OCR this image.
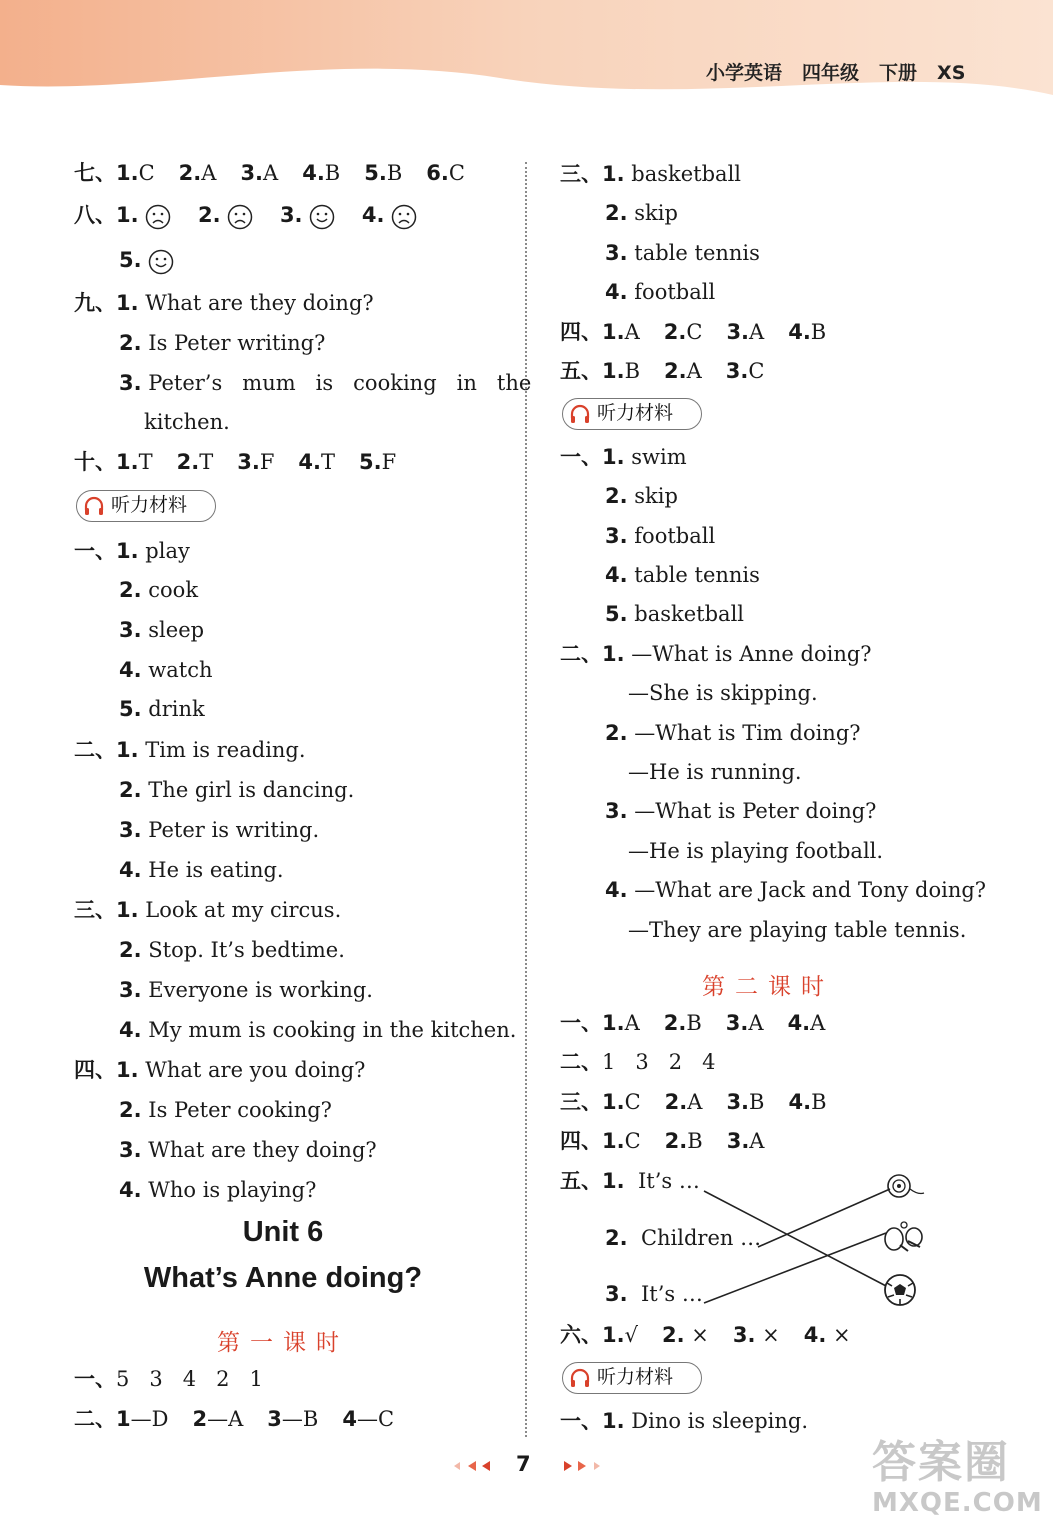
小学英语 四年级 下册 XS
七、1.C 2.A 3.A 4.B 5.B 6.C
八、1.	2.	3.	4.
5.
九、1. What are they doing?
2. Is Peter writing?
3. Peter’s   mum   is   cooking   in   the
kitchen.
十、1.T 2.T 3.F 4.T 5.F
听力材料
一、1. play
2. cook
3. sleep
4. watch
5. drink
二、1. Tim is reading.
2. The girl is dancing.
3. Peter is writing.
4. He is eating.
三、1. Look at my circus.
2. Stop. It’s bedtime.
3. Everyone is working.
4. My mum is cooking in the kitchen.
四、1. What are you doing?
2. Is Peter cooking?
3. What are they doing?
4. Who is playing?
Unit 6
What’s Anne doing?
第一课时
一、5   3   4   2   1
二、1—D 2—A 3—B 4—C
三、1. basketball
2. skip
3. table tennis
4. football
四、1.A 2.C 3.A 4.B
五、1.B 2.A 3.C
听力材料
一、1. swim
2. skip
3. football
4. table tennis
5. basketball
二、1. —What is Anne doing?
—She is skipping.
2. —What is Tim doing?
—He is running.
3. —What is Peter doing?
—He is playing football.
4. —What are Jack and Tony doing?
—They are playing table tennis.
第二课时
一、1.A 2.B 3.A 4.A
二、1   3   2   4
三、1.C 2.A 3.B 4.B
四、1.C 2.B 3.A
五、1. It’s …
2. Children …
3. It’s …
六、1.√ 2. × 3. × 4. ×
听力材料
一、1. Dino is sleeping.
7	答案圈
MXQE.COM
